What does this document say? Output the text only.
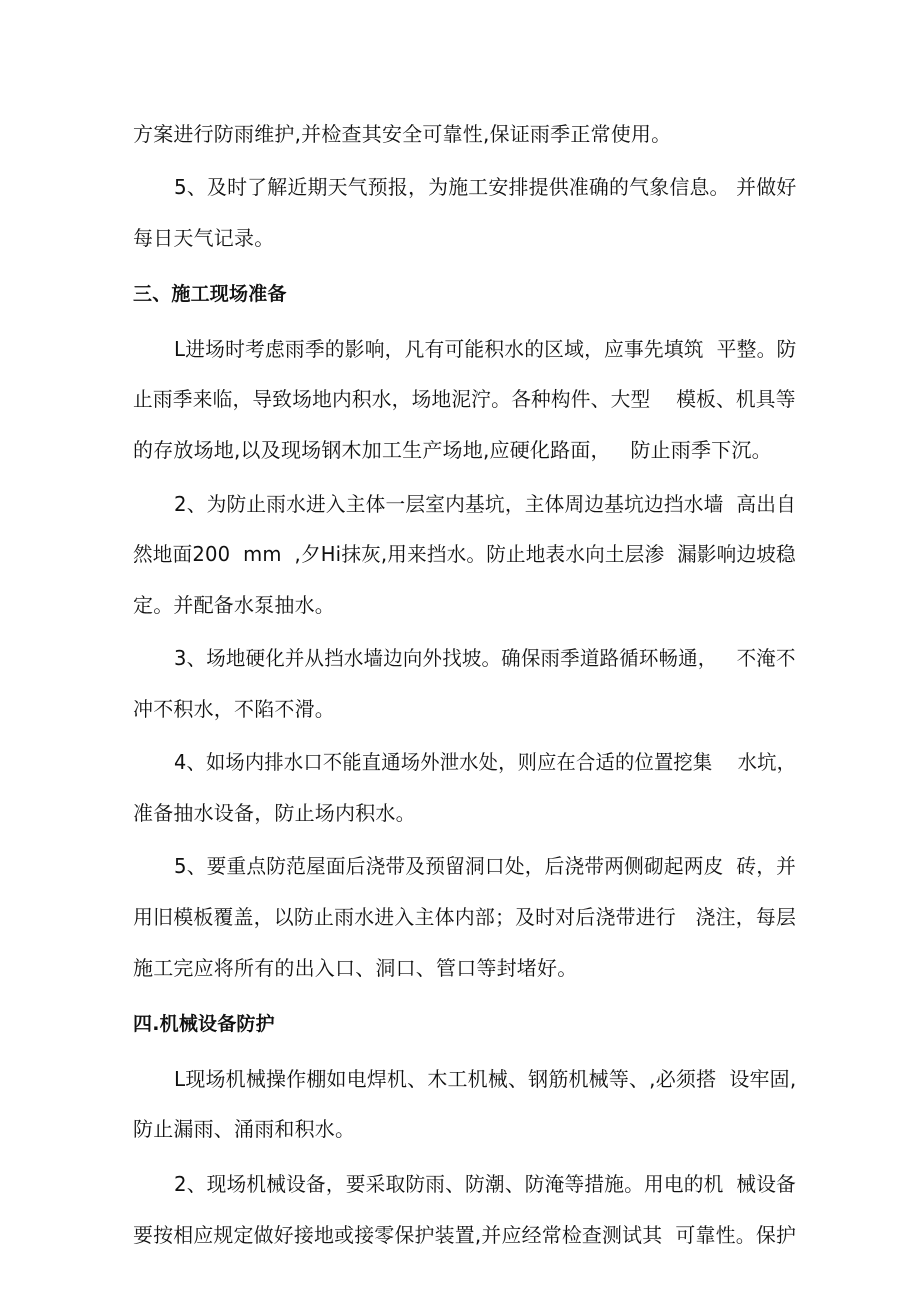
方案进行防雨维护,并检查其安全可靠性,保证雨季正常使用。
5、及时了解近期天气预报，为施工安排提供准确的气象信息。 并做好
每日天气记录。
三、施工现场准备
L进场时考虑雨季的影响，凡有可能积水的区域，应事先填筑  平整。防
止雨季来临，导致场地内积水，场地泥泞。各种构件、大型    模板、机具等
的存放场地,以及现场钢木加工生产场地,应硬化路面，   防止雨季下沉。
2、为防止雨水进入主体一层室内基坑，主体周边基坑边挡水墙  高出自
然地面200  mm  ,夕Hi抹灰,用来挡水。防止地表水向土层渗  漏影响边坡稳
定。并配备水泵抽水。
3、场地硬化并从挡水墙边向外找坡。确保雨季道路循环畅通，   不淹不
冲不积水，不陷不滑。
4、如场内排水口不能直通场外泄水处，则应在合适的位置挖集    水坑，
准备抽水设备，防止场内积水。
5、要重点防范屋面后浇带及预留洞口处，后浇带两侧砌起两皮  砖，并
用旧模板覆盖，以防止雨水进入主体内部；及时对后浇带进行   浇注，每层
施工完应将所有的出入口、洞口、管口等封堵好。
四.机械设备防护
L现场机械操作棚如电焊机、木工机械、钢筋机械等、,必须搭  设牢固,
防止漏雨、涌雨和积水。
2、现场机械设备，要采取防雨、防潮、防淹等措施。用电的机  械设备
要按相应规定做好接地或接零保护装置,并应经常检查测试其  可靠性。保护
